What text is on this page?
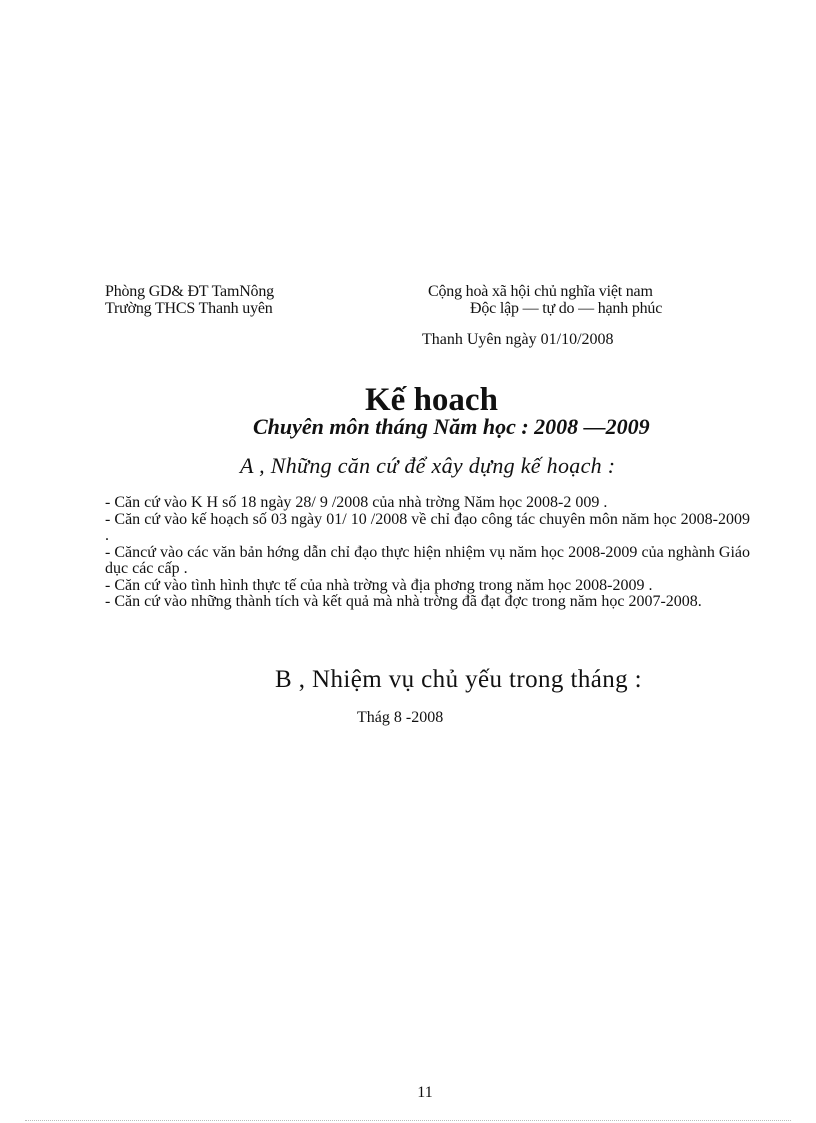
Phòng GD& ĐT TamNông
Trường THCS Thanh uyên
Cộng hoà xã hội chủ nghĩa việt nam
Độc lập — tự do — hạnh phúc
Thanh Uyên ngày 01/10/2008
Kế hoach
Chuyên môn tháng Năm học : 2008 —2009
A , Những căn cứ để xây dựng kế hoạch :

- Căn cứ vào K H số 18 ngày 28/ 9 /2008 của nhà trờng Năm học 2008-2 009 .

- Căn cứ vào kế hoạch số 03 ngày 01/ 10 /2008 về chỉ đạo công tác chuyên môn năm học 2008-2009 .

- Căncứ vào các văn bản hớng dẫn chỉ đạo thực hiện nhiệm vụ năm học 2008-2009 của nghành Giáo dục các cấp .

- Căn cứ vào tình hình thực tế của nhà trờng và địa phơng trong năm học 2008-2009 .

- Căn cứ vào những thành tích và kết quả mà nhà trờng đã đạt đợc trong năm học 2007-2008.

B , Nhiệm vụ chủ yếu trong tháng :
Thág 8 -2008
11
